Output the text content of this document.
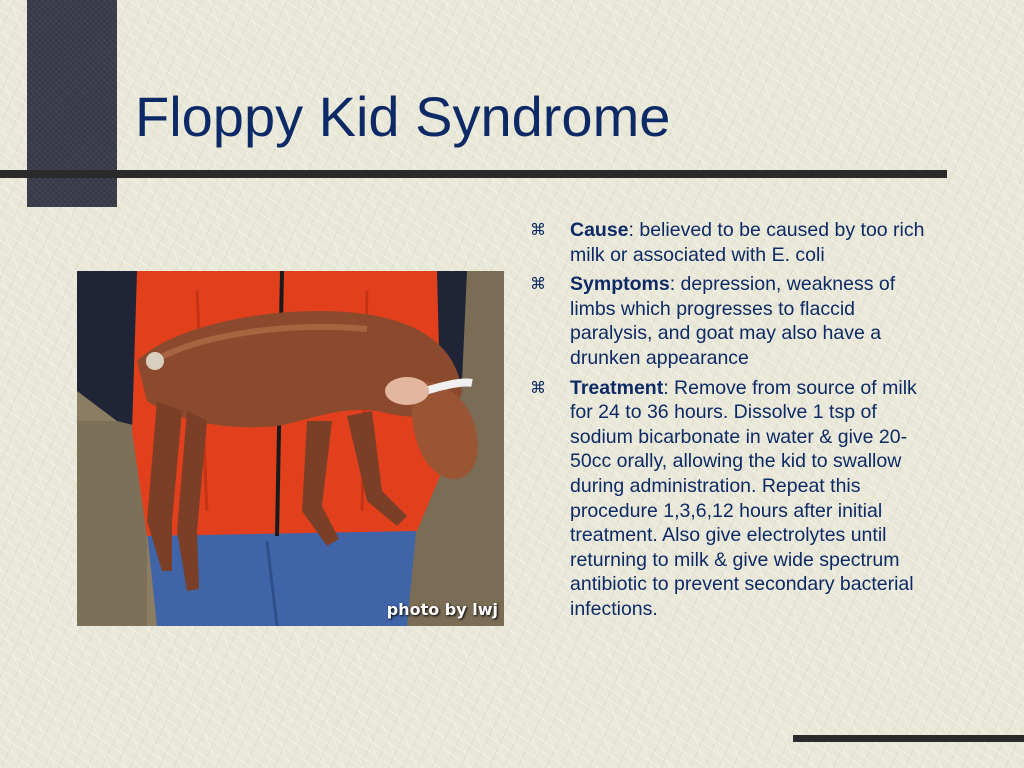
Floppy Kid Syndrome
photo by lwj
⌘ Cause: believed to be caused by too rich milk or associated with E. coli
⌘ Symptoms: depression, weakness of limbs which progresses to flaccid paralysis, and goat may also have a drunken appearance
⌘ Treatment: Remove from source of milk for 24 to 36 hours. Dissolve 1 tsp of sodium bicarbonate in water & give 20-50cc orally, allowing the kid to swallow during administration. Repeat this procedure 1,3,6,12 hours after initial treatment. Also give electrolytes until returning to milk & give wide spectrum antibiotic to prevent secondary bacterial infections.
